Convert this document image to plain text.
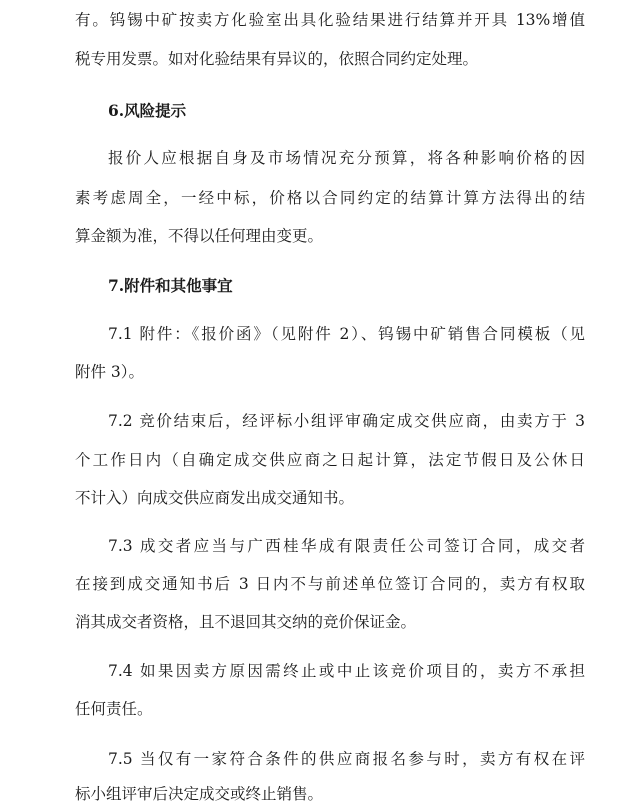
有。钨锡中矿按卖方化验室出具化验结果进行结算并开具 13%增值
税专用发票。如对化验结果有异议的，依照合同约定处理。
6.风险提示
报价人应根据自身及市场情况充分预算，将各种影响价格的因
素考虑周全，一经中标，价格以合同约定的结算计算方法得出的结
算金额为准，不得以任何理由变更。
7.附件和其他事宜
7.1 附件：《报价函》（见附件 2）、钨锡中矿销售合同模板（见
附件 3）。
7.2 竞价结束后，经评标小组评审确定成交供应商，由卖方于 3
个工作日内（自确定成交供应商之日起计算，法定节假日及公休日
不计入）向成交供应商发出成交通知书。
7.3 成交者应当与广西桂华成有限责任公司签订合同，成交者
在接到成交通知书后 3 日内不与前述单位签订合同的，卖方有权取
消其成交者资格，且不退回其交纳的竞价保证金。
7.4 如果因卖方原因需终止或中止该竞价项目的，卖方不承担
任何责任。
7.5 当仅有一家符合条件的供应商报名参与时，卖方有权在评
标小组评审后决定成交或终止销售。
